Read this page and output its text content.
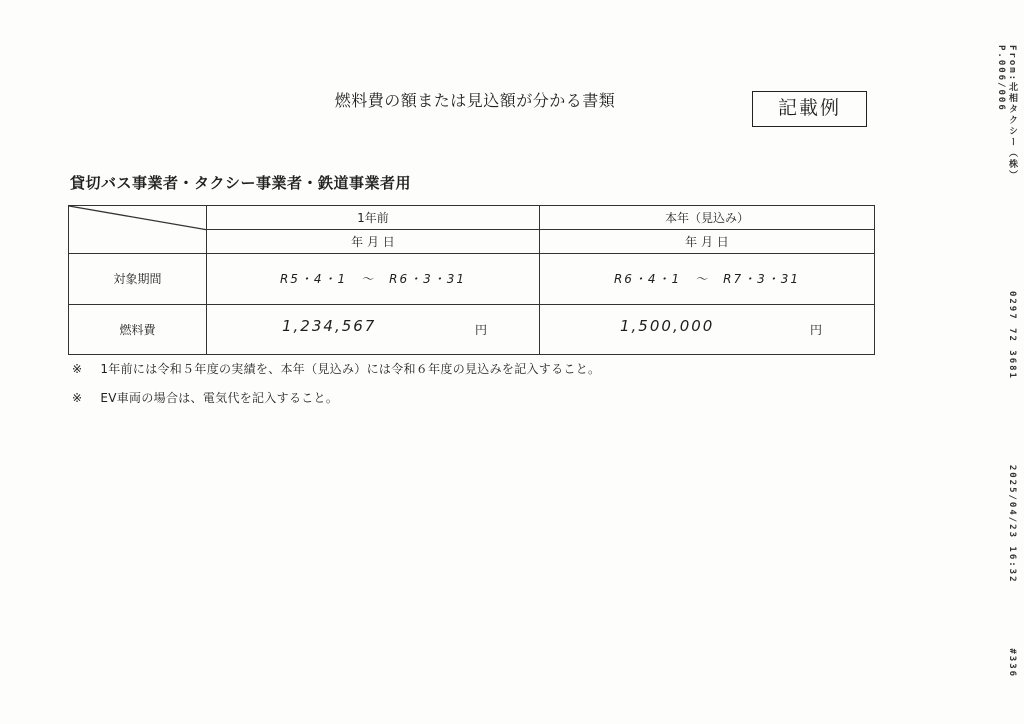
燃料費の額または見込額が分かる書類	記載例
貸切バス事業者・タクシー事業者・鉄道事業者用
	1年前	本年（見込み）
	年 月 日	年 月 日
対象期間	R5・4・1　～　R6・3・31	R6・4・1　～　R7・3・31
燃料費	1,234,567 円	1,500,000 円
※ 1年前には令和５年度の実績を、本年（見込み）には令和６年度の見込みを記入すること。
※ EV車両の場合は、電気代を記入すること。
From:北相タクシー（株）  0297 72 3681  2025/04/23 16:32  #336 P.006/006
